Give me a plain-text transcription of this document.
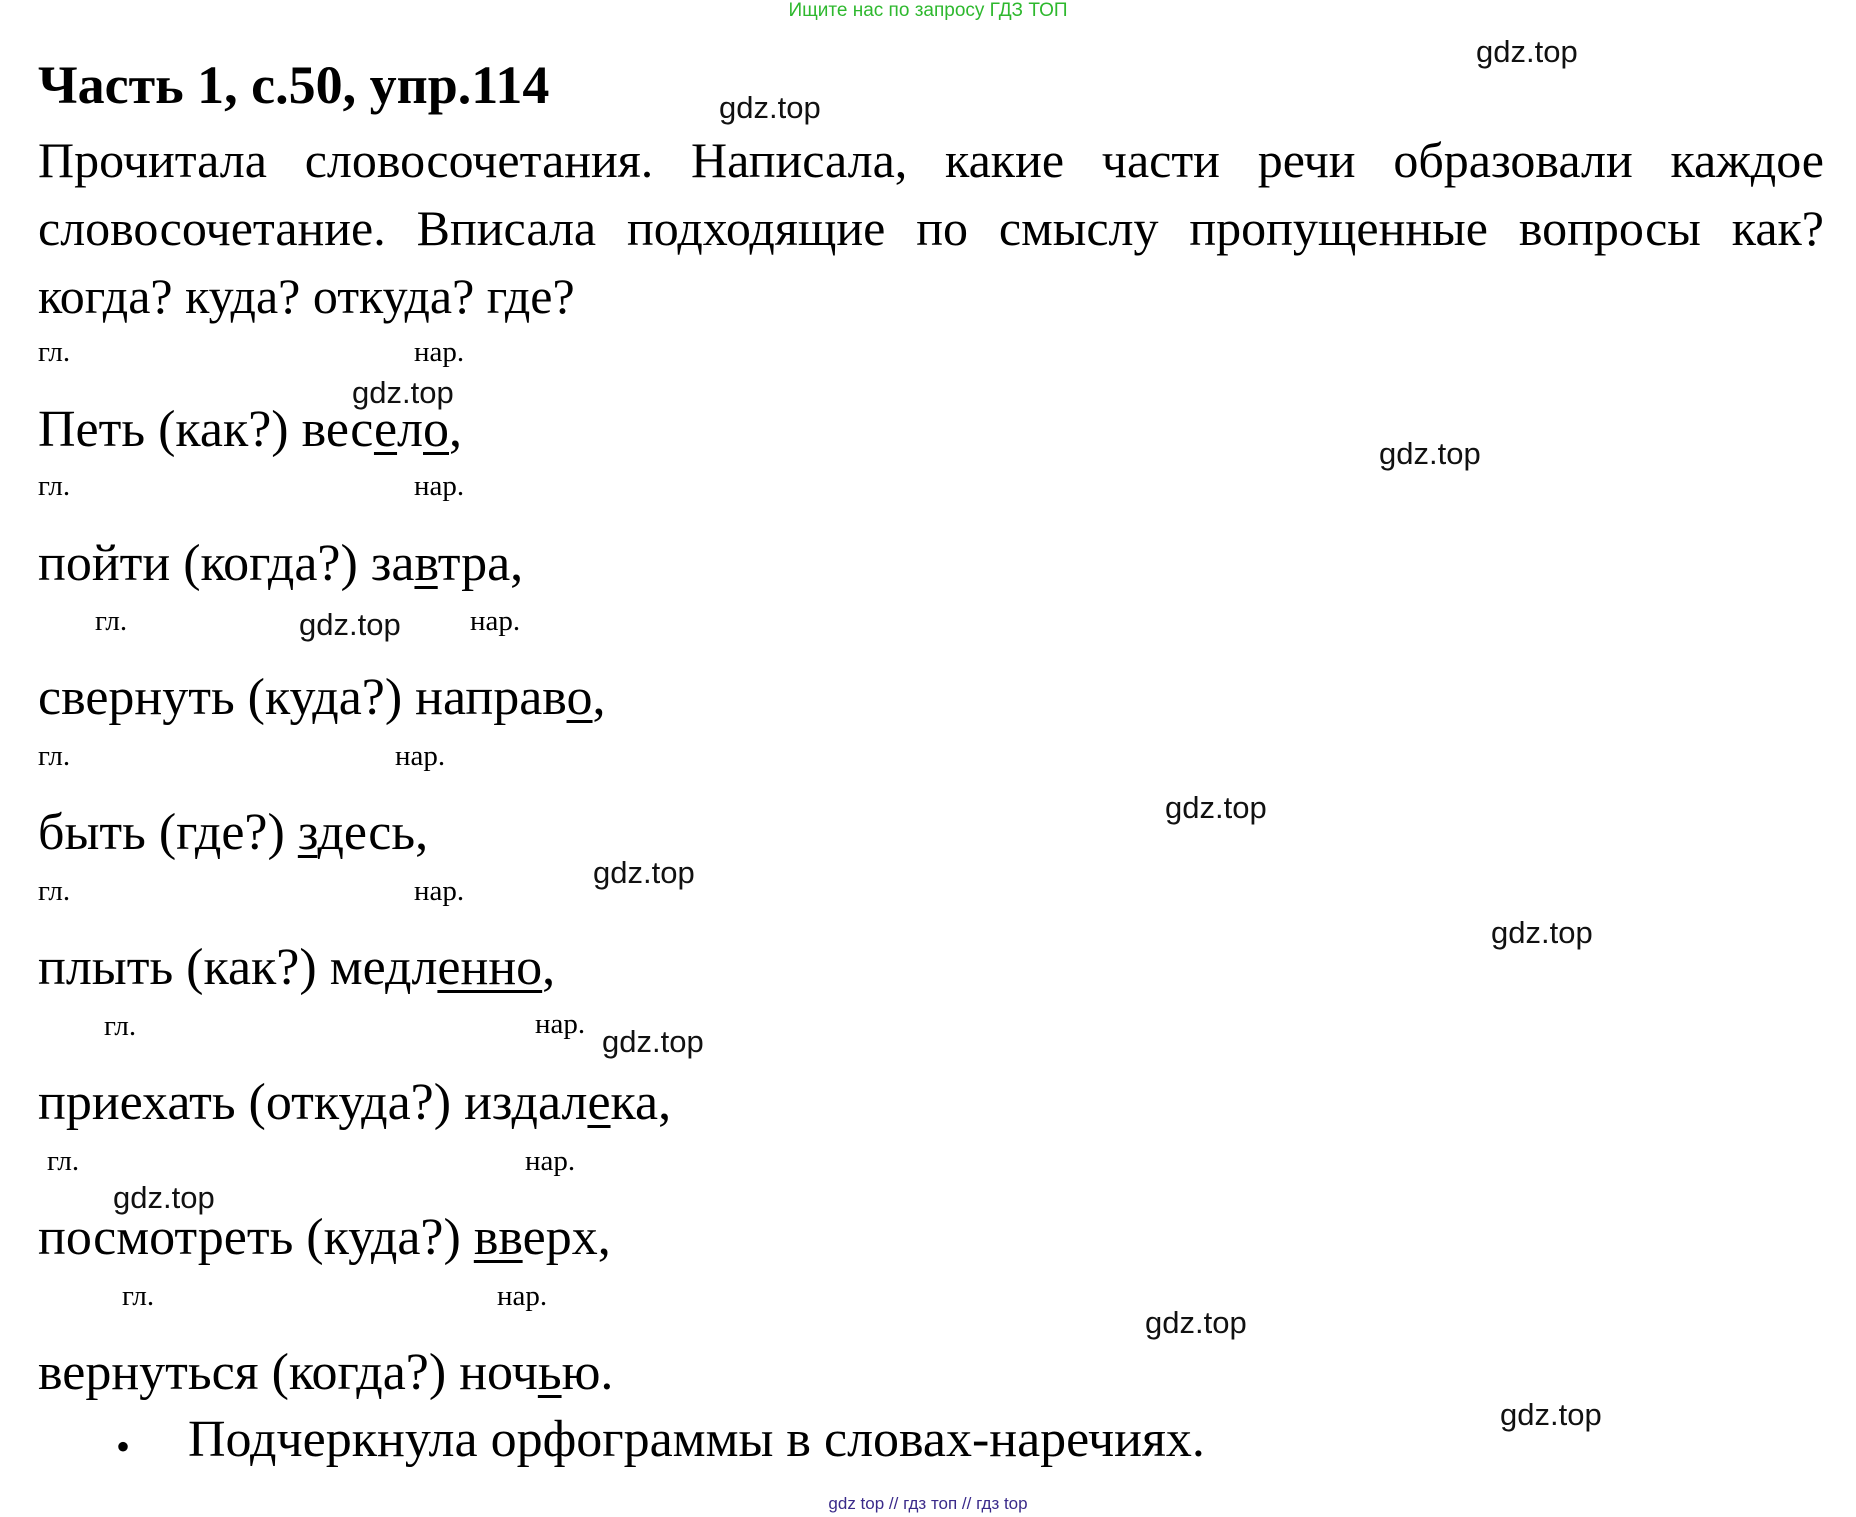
Ищите нас по запросу ГДЗ ТОП
Часть 1, с.50, упр.114
Прочитала словосочетания. Написала, какие части речи образовали каждое словосочетание. Вписала подходящие по смыслу пропущенные вопросы как? когда? куда? откуда? где?
гл.	нар.
Петь (как?) весело,
гл.	нар.
пойти (когда?) завтра,
гл.	нар.
свернуть (куда?) направо,
гл.	нар.
быть (где?) здесь,
гл.	нар.
плыть (как?) медленно,
гл.	нар.
приехать (откуда?) издалека,
гл.	нар.
посмотреть (куда?) вверх,
гл.	нар.
вернуться (когда?) ночью.
• Подчеркнула орфограммы в словах-наречиях.
gdz.top
gdz.top
gdz.top
gdz.top
gdz.top
gdz.top
gdz.top
gdz.top
gdz.top
gdz.top
gdz.top
gdz.top
gdz top // гдз топ // гдз top
